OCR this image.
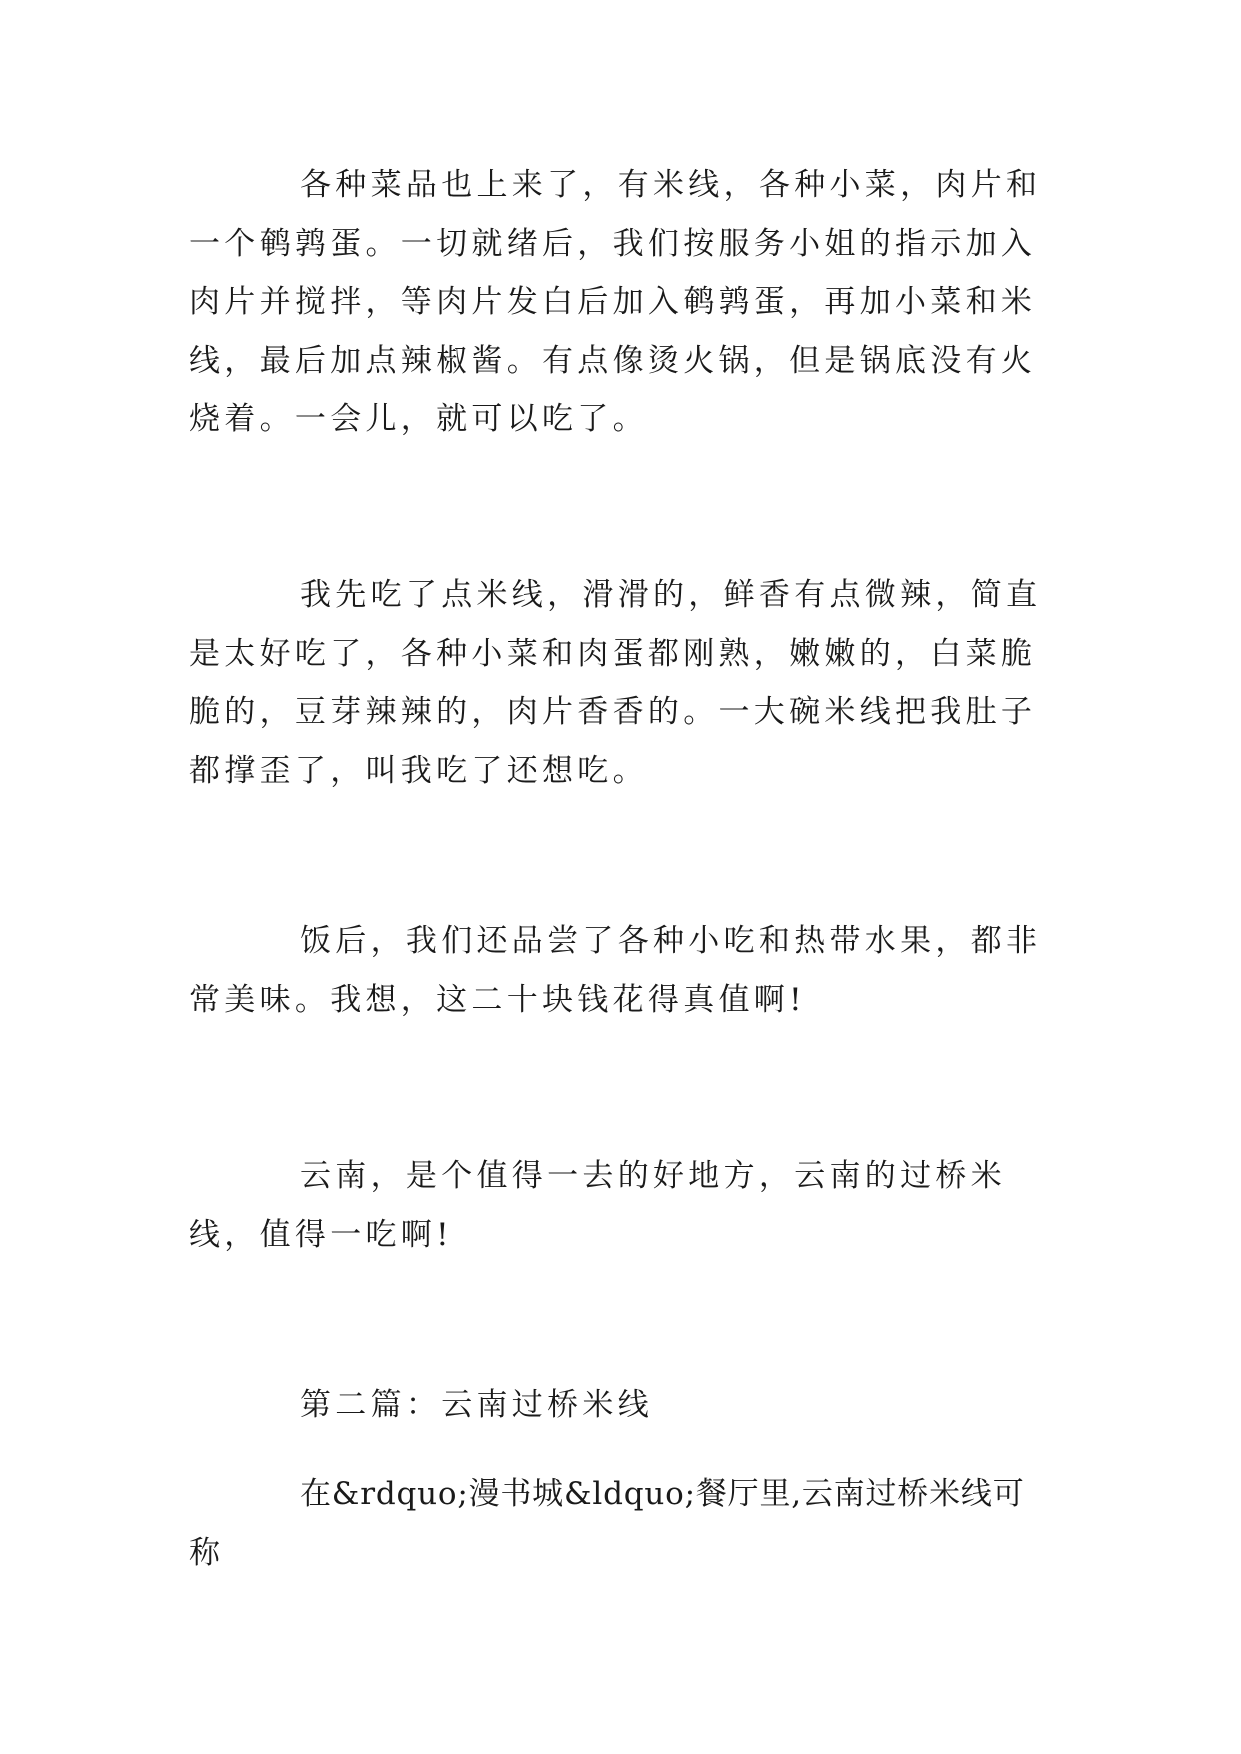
各种菜品也上来了，有米线，各种小菜，肉片和一个鹌鹑蛋。一切就绪后，我们按服务小姐的指示加入肉片并搅拌，等肉片发白后加入鹌鹑蛋，再加小菜和米线，最后加点辣椒酱。有点像烫火锅，但是锅底没有火烧着。一会儿，就可以吃了。

我先吃了点米线，滑滑的，鲜香有点微辣，简直是太好吃了，各种小菜和肉蛋都刚熟，嫩嫩的，白菜脆脆的，豆芽辣辣的，肉片香香的。一大碗米线把我肚子都撑歪了，叫我吃了还想吃。

饭后，我们还品尝了各种小吃和热带水果，都非常美味。我想，这二十块钱花得真值啊!

云南，是个值得一去的好地方，云南的过桥米线，值得一吃啊!

第二篇：云南过桥米线

在&rdquo;漫书城&ldquo;餐厅里,云南过桥米线可称
